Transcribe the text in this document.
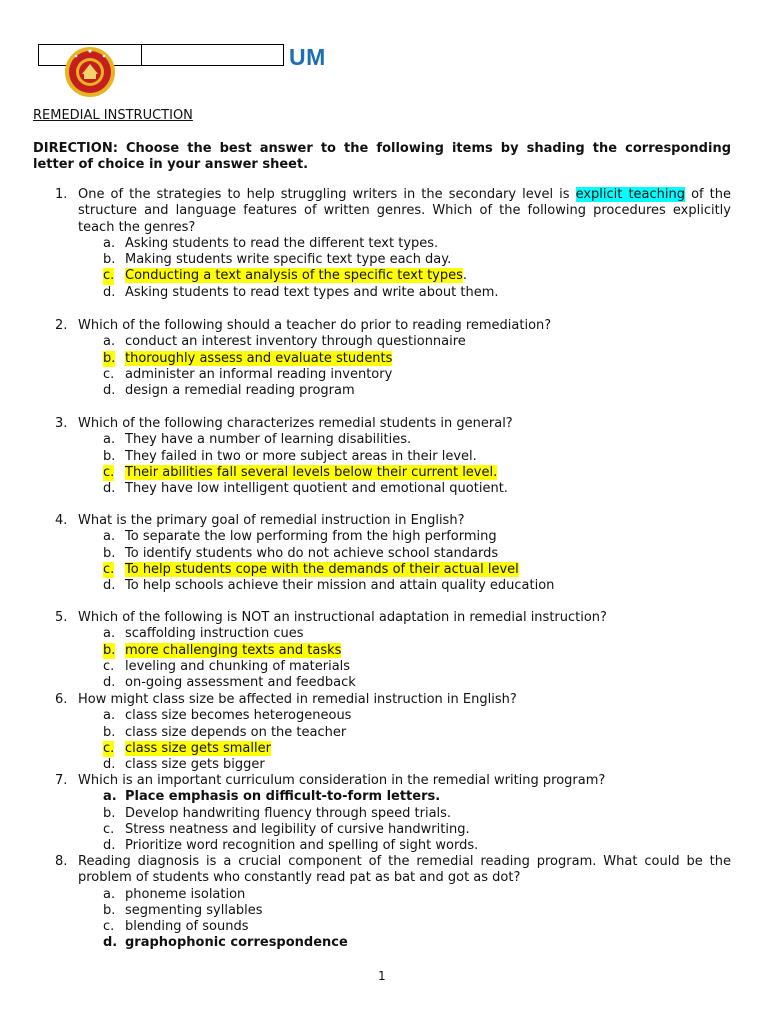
UM
REMEDIAL INSTRUCTION
DIRECTION: Choose the best answer to the following items by shading the corresponding letter of choice in your answer sheet.
1. One of the strategies to help struggling writers in the secondary level is explicit teaching of the structure and language features of written genres. Which of the following procedures explicitly teach the genres?
a. Asking students to read the different text types.
b. Making students write specific text type each day.
c. Conducting a text analysis of the specific text types.
d. Asking students to read text types and write about them.
2. Which of the following should a teacher do prior to reading remediation?
a. conduct an interest inventory through questionnaire
b. thoroughly assess and evaluate students
c. administer an informal reading inventory
d. design a remedial reading program
3. Which of the following characterizes remedial students in general?
a. They have a number of learning disabilities.
b. They failed in two or more subject areas in their level.
c. Their abilities fall several levels below their current level.
d. They have low intelligent quotient and emotional quotient.
4. What is the primary goal of remedial instruction in English?
a. To separate the low performing from the high performing
b. To identify students who do not achieve school standards
c. To help students cope with the demands of their actual level
d. To help schools achieve their mission and attain quality education
5. Which of the following is NOT an instructional adaptation in remedial instruction?
a. scaffolding instruction cues
b. more challenging texts and tasks
c. leveling and chunking of materials
d. on-going assessment and feedback
6. How might class size be affected in remedial instruction in English?
a. class size becomes heterogeneous
b. class size depends on the teacher
c. class size gets smaller
d. class size gets bigger
7. Which is an important curriculum consideration in the remedial writing program?
a. Place emphasis on difficult-to-form letters.
b. Develop handwriting fluency through speed trials.
c. Stress neatness and legibility of cursive handwriting.
d. Prioritize word recognition and spelling of sight words.
8. Reading diagnosis is a crucial component of the remedial reading program. What could be the problem of students who constantly read pat as bat and got as dot?
a. phoneme isolation
b. segmenting syllables
c. blending of sounds
d. graphophonic correspondence
1
